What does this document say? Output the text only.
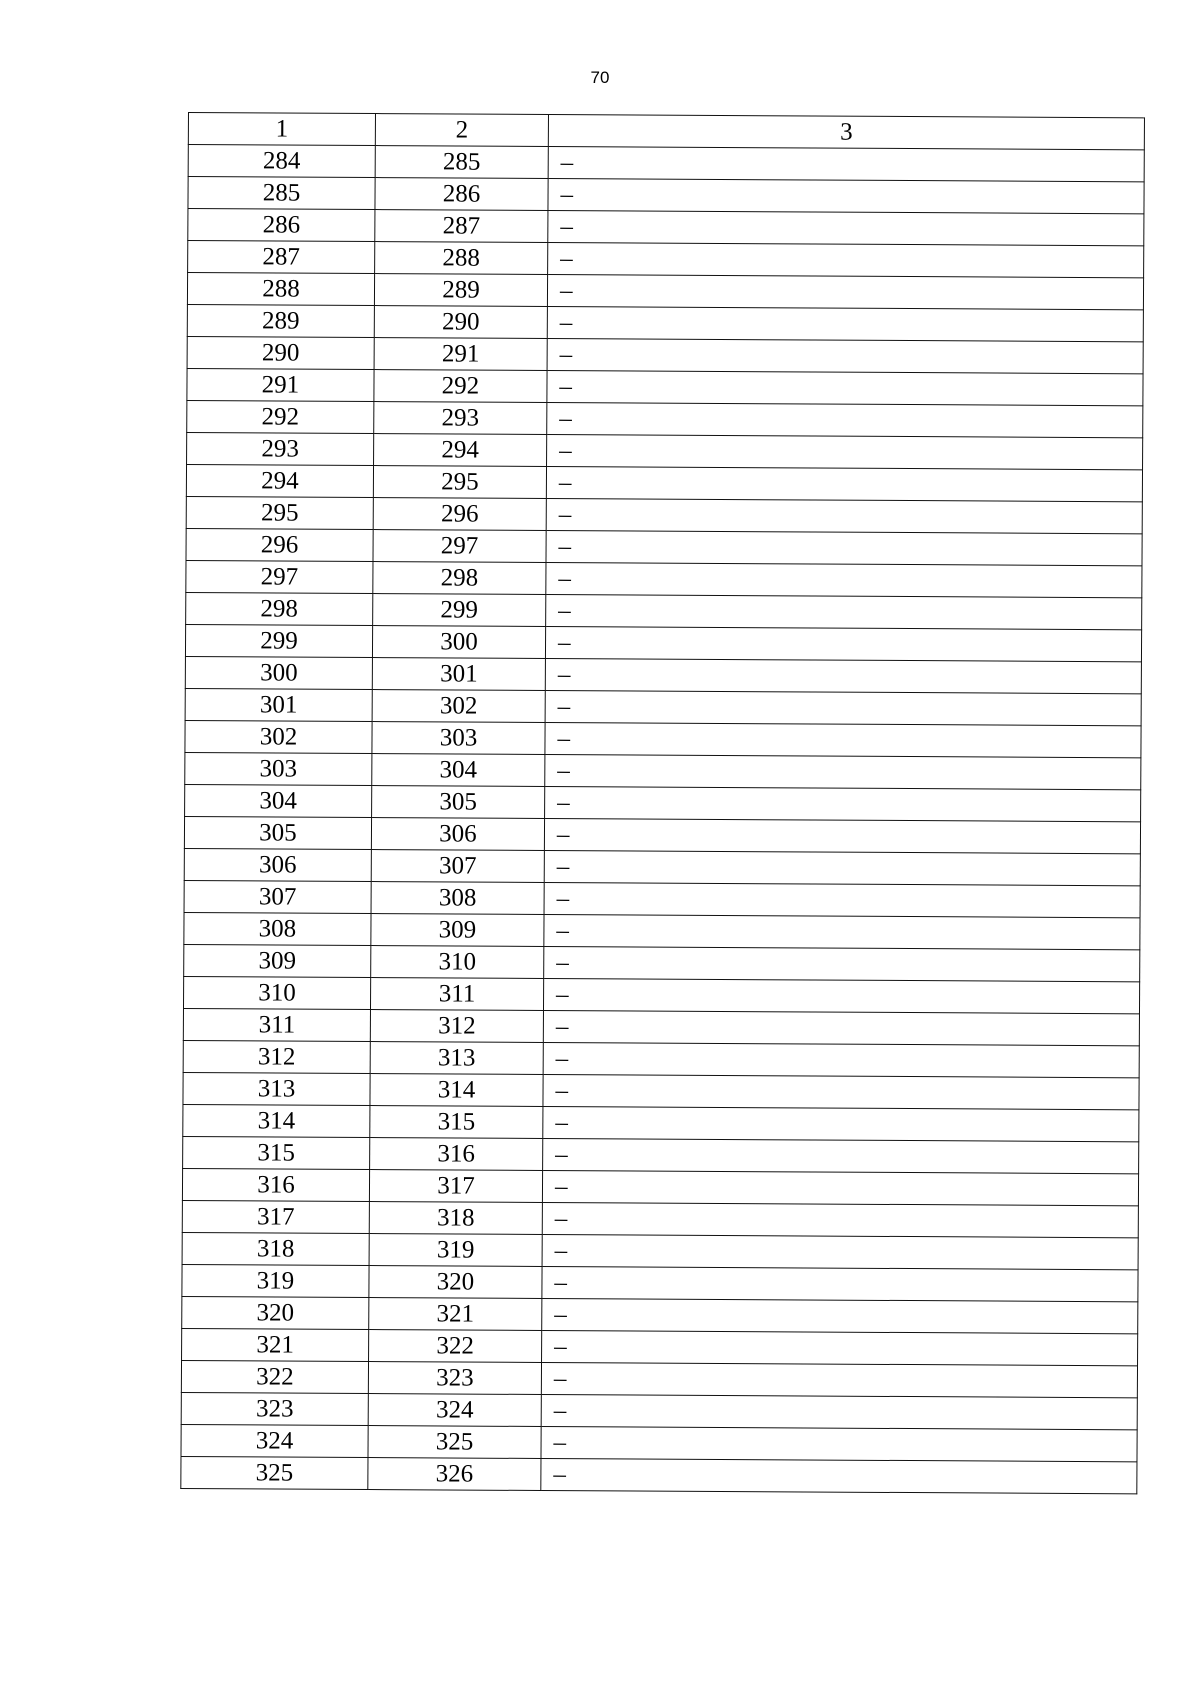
70
1	2	3
284	285	–
285	286	–
286	287	–
287	288	–
288	289	–
289	290	–
290	291	–
291	292	–
292	293	–
293	294	–
294	295	–
295	296	–
296	297	–
297	298	–
298	299	–
299	300	–
300	301	–
301	302	–
302	303	–
303	304	–
304	305	–
305	306	–
306	307	–
307	308	–
308	309	–
309	310	–
310	311	–
311	312	–
312	313	–
313	314	–
314	315	–
315	316	–
316	317	–
317	318	–
318	319	–
319	320	–
320	321	–
321	322	–
322	323	–
323	324	–
324	325	–
325	326	–
